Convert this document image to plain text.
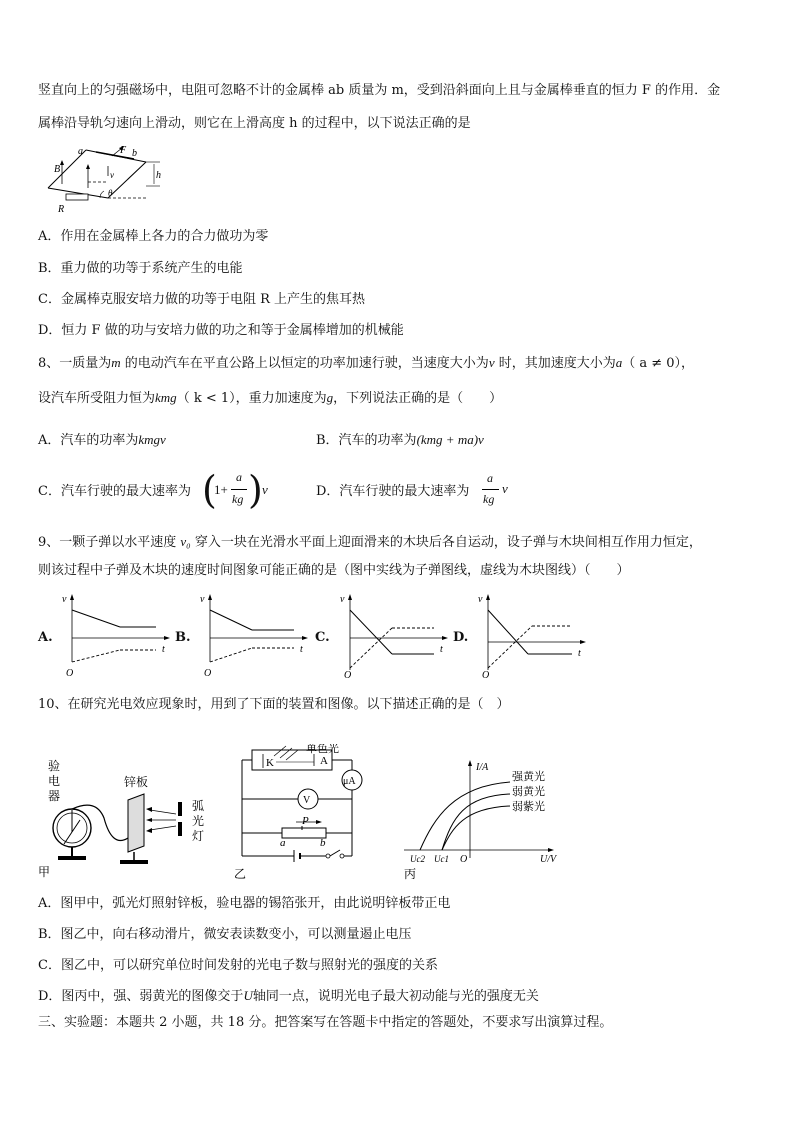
竖直向上的匀强磁场中，电阻可忽略不计的金属棒 ab 质量为 m，受到沿斜面向上且与金属棒垂直的恒力 F 的作用．金
属棒沿导轨匀速向上滑动，则它在上滑高度 h 的过程中，以下说法正确的是
a	b
F
B	v	h
R
θ
A．作用在金属棒上各力的合力做功为零
B．重力做的功等于系统产生的电能
C．金属棒克服安培力做的功等于电阻 R 上产生的焦耳热
D．恒力 F 做的功与安培力做的功之和等于金属棒增加的机械能
8、一质量为m 的电动汽车在平直公路上以恒定的功率加速行驶，当速度大小为v 时，其加速度大小为a（ a ≠ 0），
设汽车所受阻力恒为kmg（ k < 1），重力加速度为g，下列说法正确的是（　　）
A．汽车的功率为kmgv	B．汽车的功率为(kmg + ma)v
C．汽车行驶的最大速率为 (
1+
a
kg ) v	D．汽车行驶的最大速率为
a
kg
v
9、一颗子弹以水平速度 v₀ 穿入一块在光滑水平面上迎面滑来的木块后各自运动，设子弹与木块间相互作用力恒定，
则该过程中子弹及木块的速度时间图象可能正确的是（图中实线为子弹图线，虚线为木块图线）（　　）
A.
v
t
O
B.
v
t
O
C.
v
t
O
D.
v
t
O
10、在研究光电效应现象时，用到了下面的装置和图像。以下描述正确的是（　）
验
电
器
锌板
弧
光
灯
甲
K	A
单色光
μA
V
P
a	b
乙
I/A
U/V
O
Uc2 Uc1
强黄光
弱黄光
弱紫光
丙
A．图甲中，弧光灯照射锌板，验电器的锡箔张开，由此说明锌板带正电
B．图乙中，向右移动滑片，微安表读数变小，可以测量遏止电压
C．图乙中，可以研究单位时间发射的光电子数与照射光的强度的关系
D．图丙中，强、弱黄光的图像交于U轴同一点，说明光电子最大初动能与光的强度无关
三、实验题：本题共 2 小题，共 18 分。把答案写在答题卡中指定的答题处，不要求写出演算过程。
